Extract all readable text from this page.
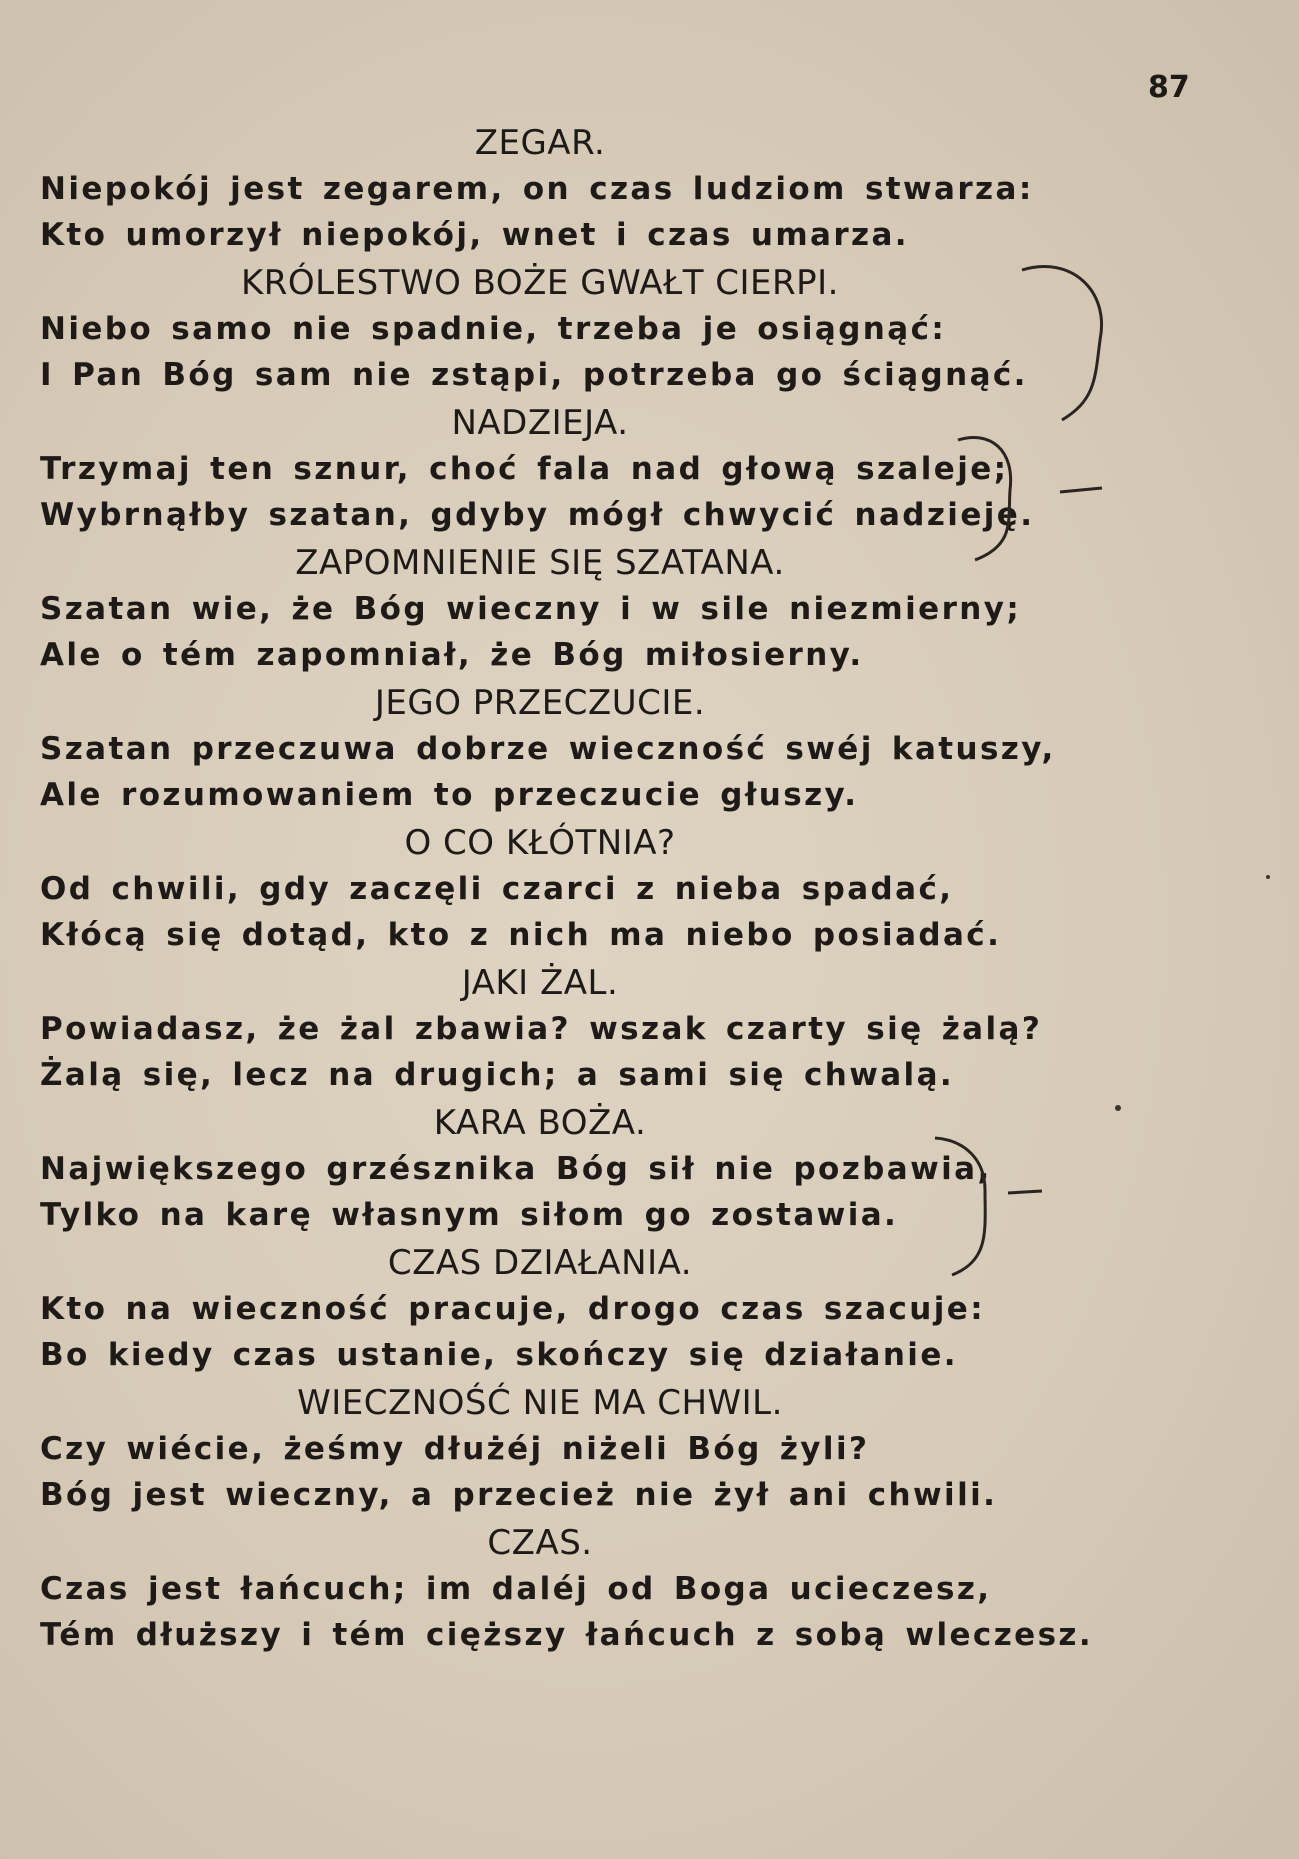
87
ZEGAR.
Niepokój jest zegarem, on czas ludziom stwarza:
Kto umorzył niepokój, wnet i czas umarza.
KRÓLESTWO BOŻE GWAŁT CIERPI.
Niebo samo nie spadnie, trzeba je osiągnąć:
I Pan Bóg sam nie zstąpi, potrzeba go ściągnąć.
NADZIEJA.
Trzymaj ten sznur, choć fala nad głową szaleje;
Wybrnąłby szatan, gdyby mógł chwycić nadzieję.
ZAPOMNIENIE SIĘ SZATANA.
Szatan wie, że Bóg wieczny i w sile niezmierny;
Ale o tém zapomniał, że Bóg miłosierny.
JEGO PRZECZUCIE.
Szatan przeczuwa dobrze wieczność swéj katuszy,
Ale rozumowaniem to przeczucie głuszy.
O CO KŁÓTNIA?
Od chwili, gdy zaczęli czarci z nieba spadać,
Kłócą się dotąd, kto z nich ma niebo posiadać.
JAKI ŻAL.
Powiadasz, że żal zbawia? wszak czarty się żalą?
Żalą się, lecz na drugich; a sami się chwalą.
KARA BOŻA.
Największego grzésznika Bóg sił nie pozbawia,
Tylko na karę własnym siłom go zostawia.
CZAS DZIAŁANIA.
Kto na wieczność pracuje, drogo czas szacuje:
Bo kiedy czas ustanie, skończy się działanie.
WIECZNOŚĆ NIE MA CHWIL.
Czy wiécie, żeśmy dłużéj niżeli Bóg żyli?
Bóg jest wieczny, a przecież nie żył ani chwili.
CZAS.
Czas jest łańcuch; im daléj od Boga ucieczesz,
Tém dłuższy i tém cięższy łańcuch z sobą wleczesz.
